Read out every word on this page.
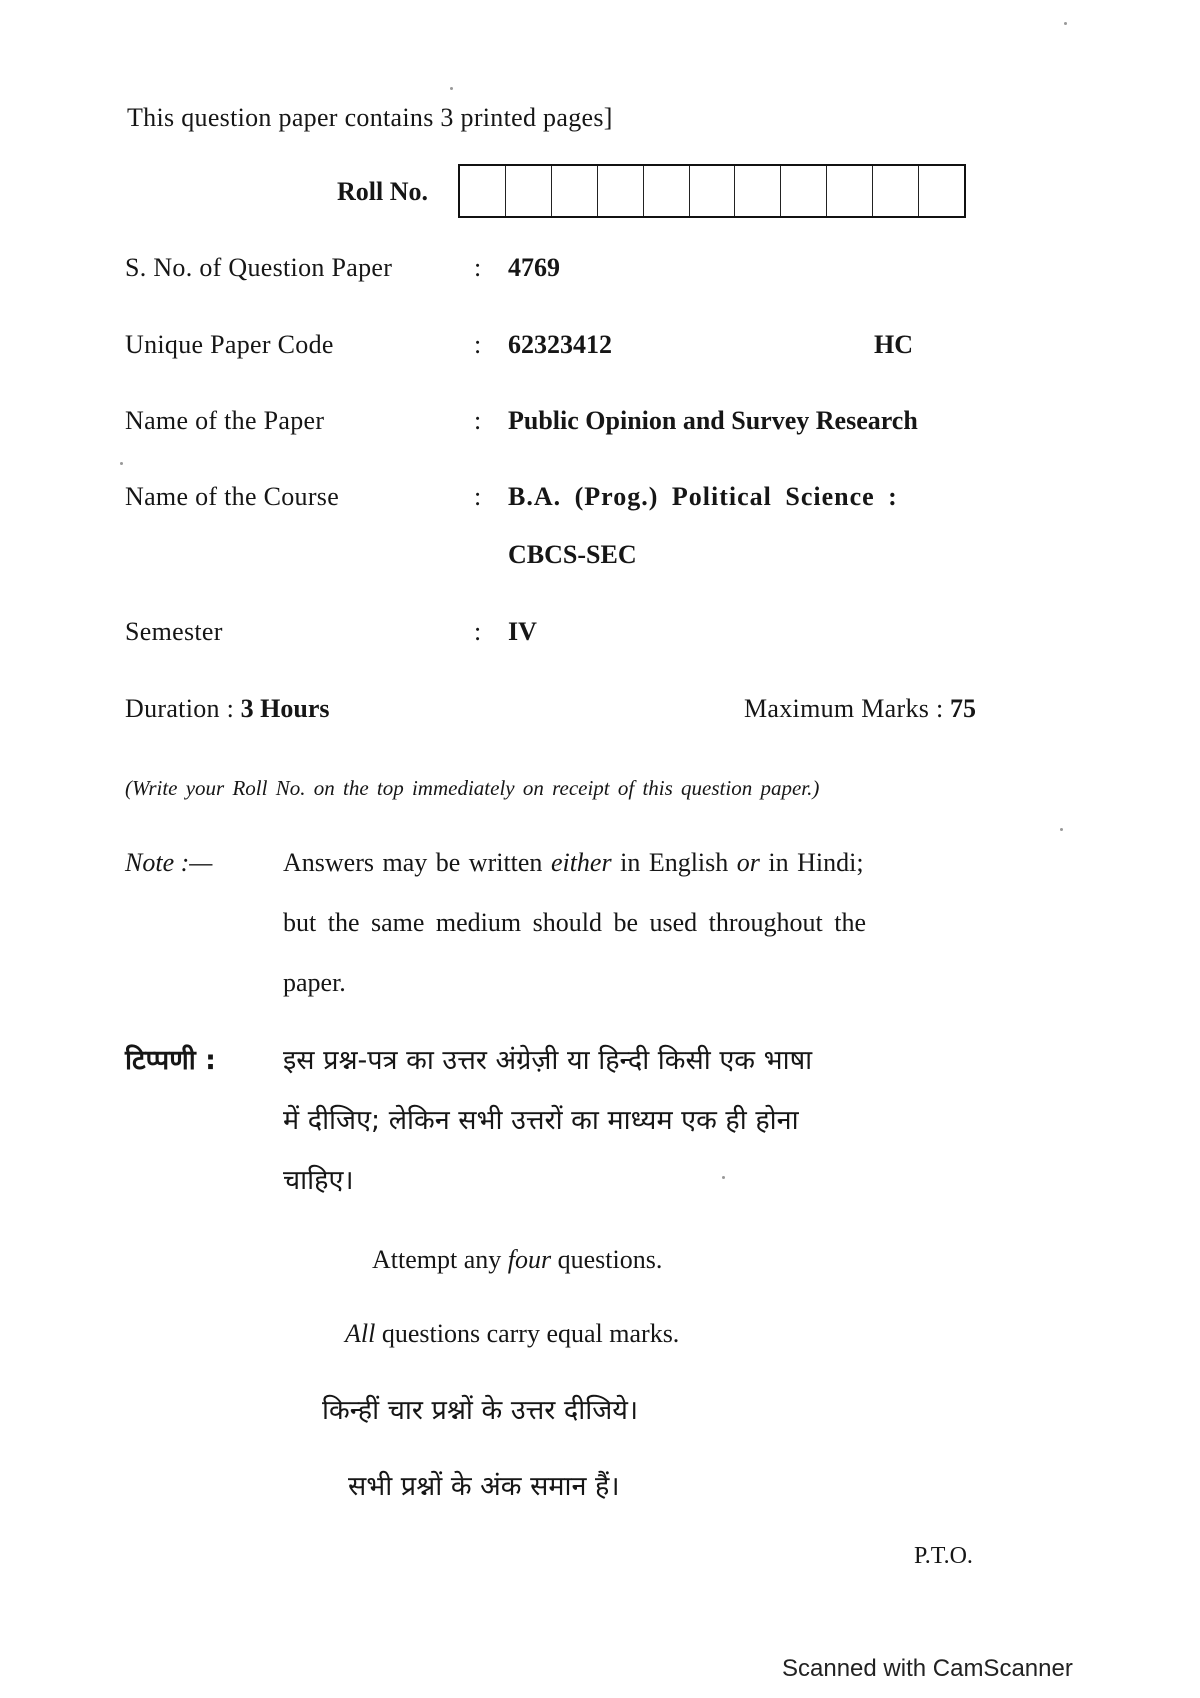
This question paper contains 3 printed pages]
Roll No.
S. No. of Question Paper	: 4769
Unique Paper Code	: 62323412	HC
Name of the Paper	: Public Opinion and Survey Research
Name of the Course	: B.A. (Prog.) Political Science :
CBCS-SEC
Semester	: IV
Duration : 3 Hours	Maximum Marks : 75
(Write your Roll No. on the top immediately on receipt of this question paper.)
Note :—	Answers may be written either in English or in Hindi;
but the same medium should be used throughout the
paper.
टिप्पणी : इस प्रश्न-पत्र का उत्तर अंग्रेज़ी या हिन्दी किसी एक भाषा
में दीजिए; लेकिन सभी उत्तरों का माध्यम एक ही होना
चाहिए।
Attempt any four questions.
All questions carry equal marks.
किन्हीं चार प्रश्नों के उत्तर दीजिये।
सभी प्रश्नों के अंक समान हैं।
P.T.O.
Scanned with CamScanner
